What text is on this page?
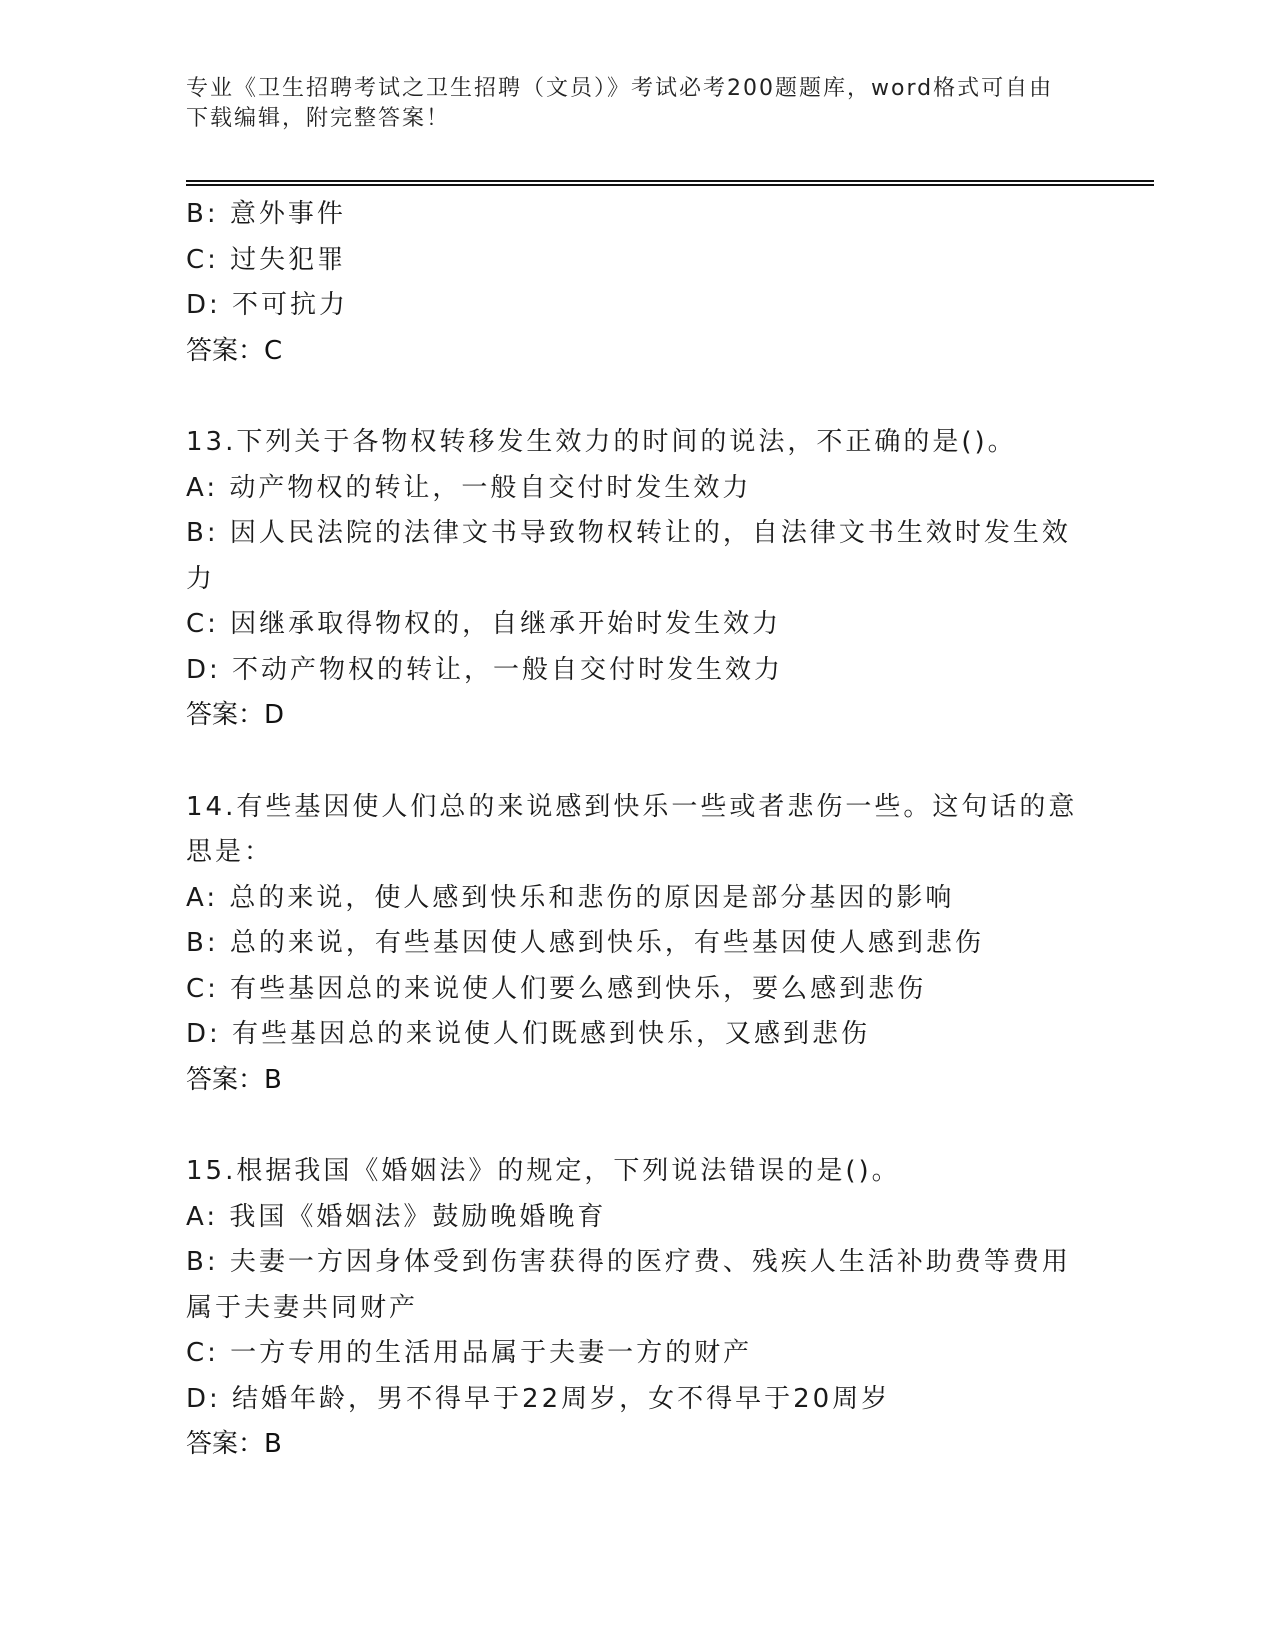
专业《卫生招聘考试之卫生招聘（文员）》考试必考200题题库，word格式可自由下载编辑，附完整答案！
B: 意外事件
C: 过失犯罪
D: 不可抗力
答案：C
13.下列关于各物权转移发生效力的时间的说法，不正确的是()。
A: 动产物权的转让，一般自交付时发生效力
B: 因人民法院的法律文书导致物权转让的，自法律文书生效时发生效力
C: 因继承取得物权的，自继承开始时发生效力
D: 不动产物权的转让，一般自交付时发生效力
答案：D
14.有些基因使人们总的来说感到快乐一些或者悲伤一些。这句话的意思是：
A: 总的来说，使人感到快乐和悲伤的原因是部分基因的影响
B: 总的来说，有些基因使人感到快乐，有些基因使人感到悲伤
C: 有些基因总的来说使人们要么感到快乐，要么感到悲伤
D: 有些基因总的来说使人们既感到快乐，又感到悲伤
答案：B
15.根据我国《婚姻法》的规定，下列说法错误的是()。
A: 我国《婚姻法》鼓励晚婚晚育
B: 夫妻一方因身体受到伤害获得的医疗费、残疾人生活补助费等费用属于夫妻共同财产
C: 一方专用的生活用品属于夫妻一方的财产
D: 结婚年龄，男不得早于22周岁，女不得早于20周岁
答案：B
